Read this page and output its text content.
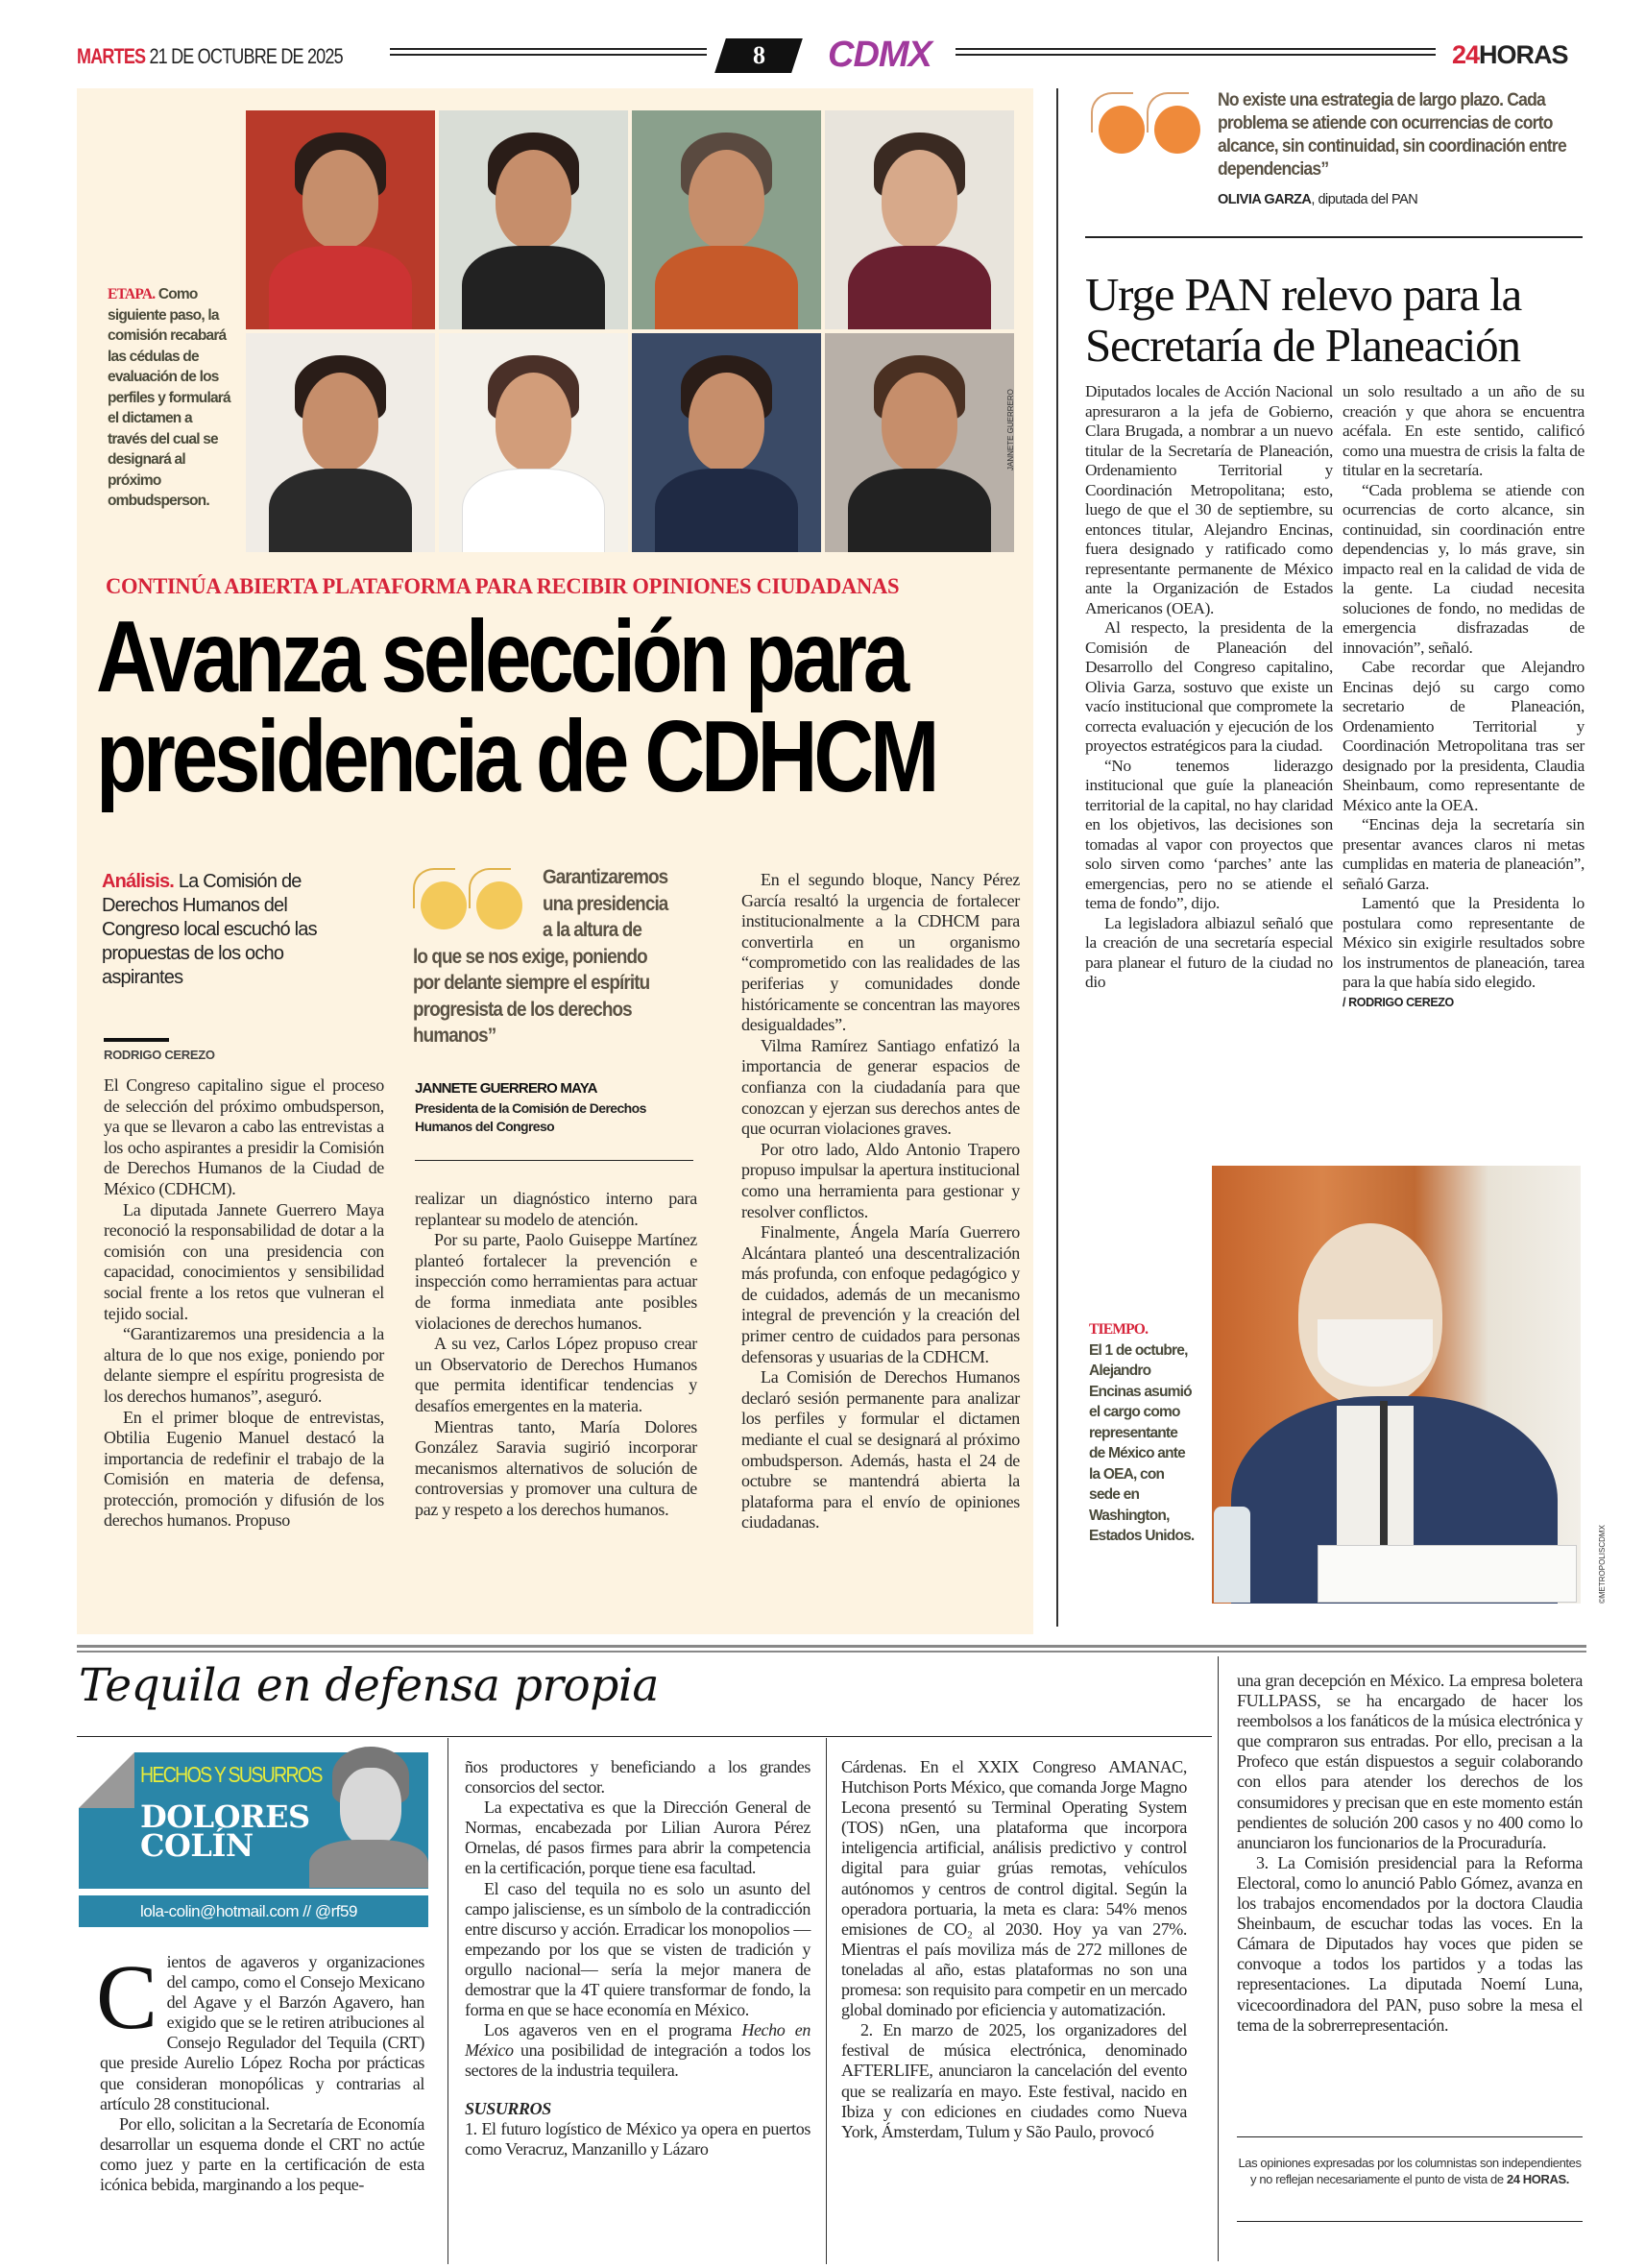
MARTES 21 DE OCTUBRE DE 2025	8	CDMX	24HORAS
JANNETE GUERRERO
ETAPA. Como siguiente paso, la comisión recabará las cédulas de evaluación de los perfiles y formulará el dictamen a través del cual se designará al próximo ombudsperson.
CONTINÚA ABIERTA PLATAFORMA PARA RECIBIR OPINIONES CIUDADANAS
Avanza selección para presidencia de CDHCM
Análisis. La Comisión de Derechos Humanos del Congreso local escuchó las propuestas de los ocho aspirantes
RODRIGO CEREZO
Garantizaremos una presidencia a la altura de
lo que se nos exige, poniendo por delante siempre el espíritu progresista de los derechos humanos”
JANNETE GUERRERO MAYA
Presidenta de la Comisión de Derechos Humanos del Congreso

El Congreso capitalino sigue el proceso de selección del próximo ombudsperson, ya que se llevaron a cabo las entrevistas a los ocho aspirantes a presidir la Comisión de Derechos Humanos de la Ciudad de México (CDHCM).

La diputada Jannete Guerrero Maya reconoció la responsabilidad de dotar a la comisión con una presidencia con capacidad, conocimientos y sensibilidad social frente a los retos que vulneran el tejido social.

“Garantizaremos una presidencia a la altura de lo que nos exige, poniendo por delante siempre el espíritu progresista de los derechos humanos”, aseguró.

En el primer bloque de entrevistas, Obtilia Eugenio Manuel destacó la importancia de redefinir el trabajo de la Comisión en materia de defensa, protección, promoción y difusión de los derechos humanos. Propuso

realizar un diagnóstico interno para replantear su modelo de atención.

Por su parte, Paolo Guiseppe Martínez planteó fortalecer la prevención e inspección como herramientas para actuar de forma inmediata ante posibles violaciones de derechos humanos.

A su vez, Carlos López propuso crear un Observatorio de Derechos Humanos que permita identificar tendencias y desafíos emergentes en la materia.

Mientras tanto, María Dolores González Saravia sugirió incorporar mecanismos alternativos de solución de controversias y promover una cultura de paz y respeto a los derechos humanos.

En el segundo bloque, Nancy Pérez García resaltó la urgencia de fortalecer institucionalmente a la CDHCM para convertirla en un organismo “comprometido con las realidades de las periferias y comunidades donde históricamente se concentran las mayores desigualdades”.

Vilma Ramírez Santiago enfatizó la importancia de generar espacios de confianza con la ciudadanía para que conozcan y ejerzan sus derechos antes de que ocurran violaciones graves.

Por otro lado, Aldo Antonio Trapero propuso impulsar la apertura institucional como una herramienta para gestionar y resolver conflictos.

Finalmente, Ángela María Guerrero Alcántara planteó una descentralización más profunda, con enfoque pedagógico y de cuidados, además de un mecanismo integral de prevención y la creación del primer centro de cuidados para personas defensoras y usuarias de la CDHCM.

La Comisión de Derechos Humanos declaró sesión permanente para analizar los perfiles y formular el dictamen mediante el cual se designará al próximo ombudsperson. Además, hasta el 24 de octubre se mantendrá abierta la plataforma para el envío de opiniones ciudadanas.

No existe una estrategia de largo plazo. Cada problema se atiende con ocurrencias de corto alcance, sin continuidad, sin coordinación entre dependencias”
OLIVIA GARZA, diputada del PAN
Urge PAN relevo para la Secretaría de Planeación

Diputados locales de Acción Nacional apresuraron a la jefa de Gobierno, Clara Brugada, a nombrar a un nuevo titular de la Secretaría de Planeación, Ordenamiento Territorial y Coordinación Metropolitana; esto, luego de que el 30 de septiembre, su entonces titular, Alejandro Encinas, fuera designado y ratificado como representante permanente de México ante la Organización de Estados Americanos (OEA).

Al respecto, la presidenta de la Comisión de Planeación del Desarrollo del Congreso capitalino, Olivia Garza, sostuvo que existe un vacío institucional que compromete la correcta evaluación y ejecución de los proyectos estratégicos para la ciudad.

“No tenemos liderazgo institucional que guíe la planeación territorial de la capital, no hay claridad en los objetivos, las decisiones son tomadas al vapor con proyectos que solo sirven como ‘parches’ ante las emergencias, pero no se atiende el tema de fondo”, dijo.

La legisladora albiazul señaló que la creación de una secretaría especial para planear el futuro de la ciudad no dio

un solo resultado a un año de su creación y que ahora se encuentra acéfala. En este sentido, calificó como una muestra de crisis la falta de titular en la secretaría.

“Cada problema se atiende con ocurrencias de corto alcance, sin continuidad, sin coordinación entre dependencias y, lo más grave, sin impacto real en la calidad de vida de la gente. La ciudad necesita soluciones de fondo, no medidas de emergencia disfrazadas de innovación”, señaló.

Cabe recordar que Alejandro Encinas dejó su cargo como secretario de Planeación, Ordenamiento Territorial y Coordinación Metropolitana tras ser designado por la presidenta, Claudia Sheinbaum, como representante de México ante la OEA.

“Encinas deja la secretaría sin presentar avances claros ni metas cumplidas en materia de planeación”, señaló Garza.

Lamentó que la Presidenta lo postulara como representante de México sin exigirle resultados sobre los instrumentos de planeación, tarea para la que había sido elegido.

/ RODRIGO CEREZO
TIEMPO.
El 1 de octubre, Alejandro Encinas asumió el cargo como representante de México ante la OEA, con sede en Washington, Estados Unidos.	©METROPOLISCDMX
Tequila en defensa propia
HECHOS Y SUSURROS
DOLORES
COLÍN
lola-colin@hotmail.com // @rf59
C ientos de agaveros y organizaciones del campo, como el Consejo Mexicano del Agave y el Barzón Agavero, han exigido que se le retiren atribuciones al Consejo Regulador del Tequila (CRT) que preside Aurelio López Rocha por prácticas que consideran monopólicas y contrarias al artículo 28 constitucional.

Por ello, solicitan a la Secretaría de Economía desarrollar un esquema donde el CRT no actúe como juez y parte en la certificación de esta icónica bebida, marginando a los peque-

ños productores y beneficiando a los grandes consorcios del sector.

La expectativa es que la Dirección General de Normas, encabezada por Lilian Aurora Pérez Ornelas, dé pasos firmes para abrir la competencia en la certificación, porque tiene esa facultad.

El caso del tequila no es solo un asunto del campo jalisciense, es un símbolo de la contradicción entre discurso y acción. Erradicar los monopolios —empezando por los que se visten de tradición y orgullo nacional— sería la mejor manera de demostrar que la 4T quiere transformar de fondo, la forma en que se hace economía en México.

Los agaveros ven en el programa Hecho en México una posibilidad de integración a todos los sectores de la industria tequilera.

SUSURROS

1. El futuro logístico de México ya opera en puertos como Veracruz, Manzanillo y Lázaro

Cárdenas. En el XXIX Congreso AMANAC, Hutchison Ports México, que comanda Jorge Magno Lecona presentó su Terminal Operating System (TOS) nGen, una plataforma que incorpora inteligencia artificial, análisis predictivo y control digital para guiar grúas remotas, vehículos autónomos y centros de control digital. Según la operadora portuaria, la meta es clara: 54% menos emisiones de CO₂ al 2030. Hoy ya van 27%. Mientras el país moviliza más de 272 millones de toneladas al año, estas plataformas no son una promesa: son requisito para competir en un mercado global dominado por eficiencia y automatización.

2. En marzo de 2025, los organizadores del festival de música electrónica, denominado AFTERLIFE, anunciaron la cancelación del evento que se realizaría en mayo. Este festival, nacido en Ibiza y con ediciones en ciudades como Nueva York, Ámsterdam, Tulum y São Paulo, provocó

una gran decepción en México. La empresa boletera FULLPASS, se ha encargado de hacer los reembolsos a los fanáticos de la música electrónica y que compraron sus entradas. Por ello, precisan a la Profeco que están dispuestos a seguir colaborando con ellos para atender los derechos de los consumidores y precisan que en este momento están pendientes de solución 200 casos y no 400 como lo anunciaron los funcionarios de la Procuraduría.

3. La Comisión presidencial para la Reforma Electoral, como lo anunció Pablo Gómez, avanza en los trabajos encomendados por la doctora Claudia Sheinbaum, de escuchar todas las voces. En la Cámara de Diputados hay voces que piden se convoque a todos los partidos y a todas las representaciones. La diputada Noemí Luna, vicecoordinadora del PAN, puso sobre la mesa el tema de la sobrerrepresentación.

Las opiniones expresadas por los columnistas son independientes y no reflejan necesariamente el punto de vista de 24 HORAS.
